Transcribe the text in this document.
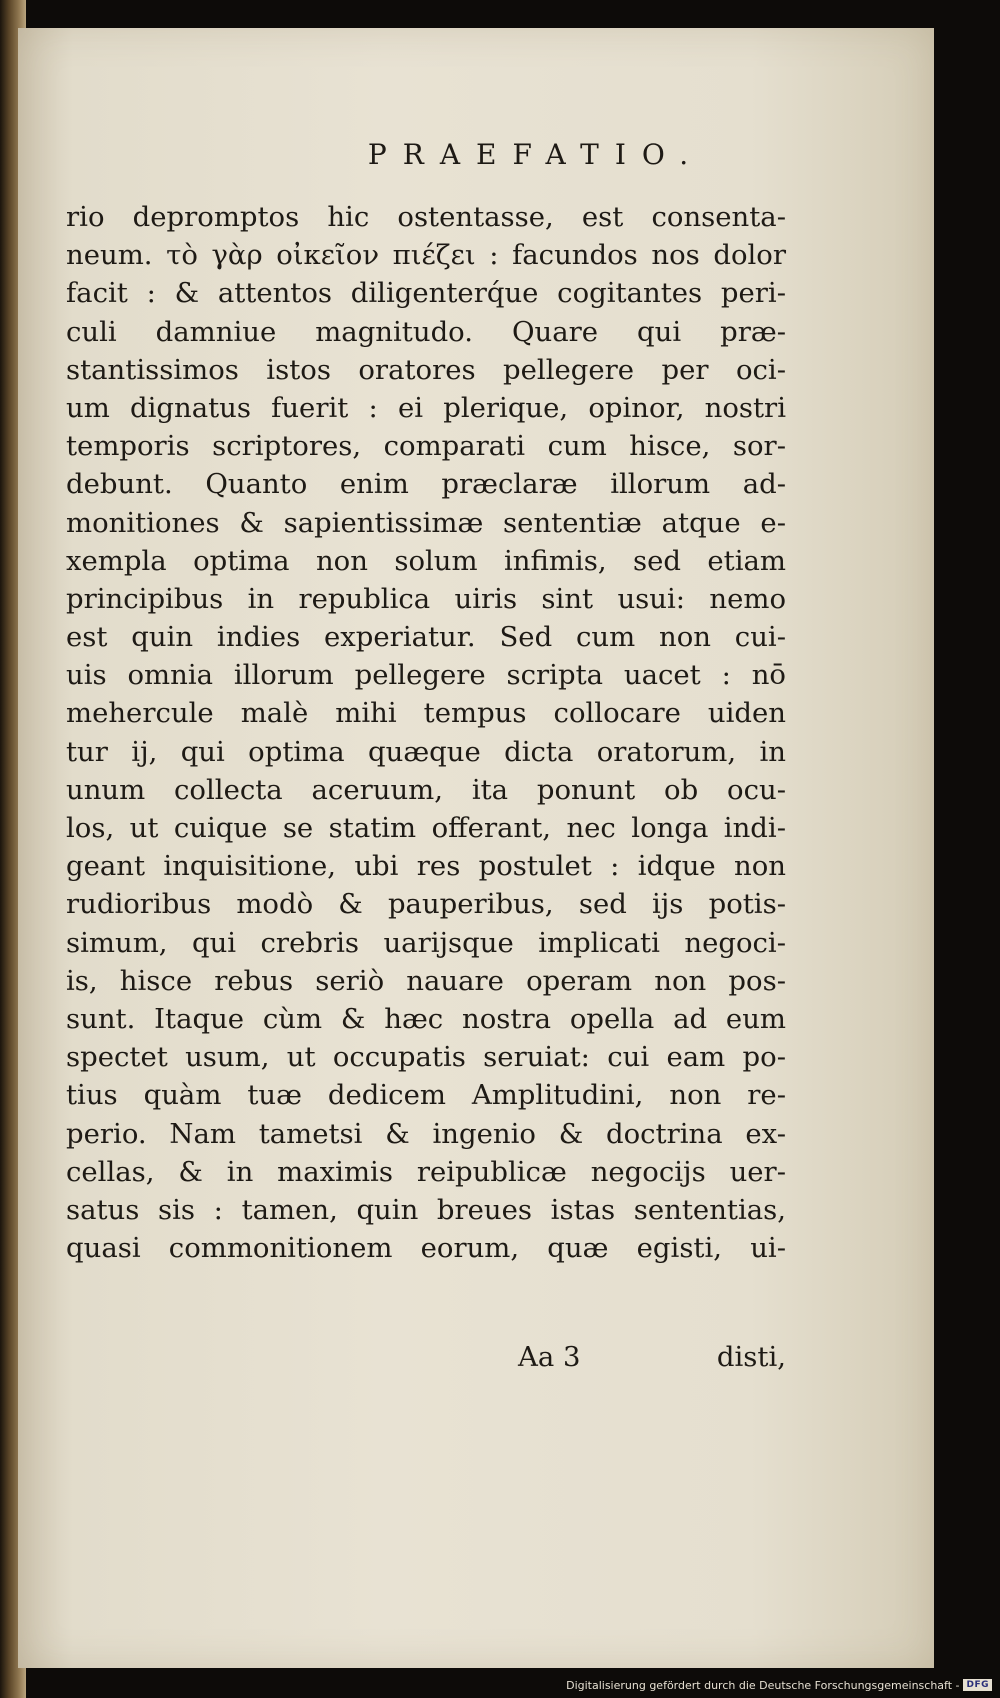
PRAEFATIO.
rio depromptos hic ostentasse, est consenta-
neum. τὸ γὰρ οἰκεῖον πιέζει : facundos nos dolor
facit : & attentos diligenterq́ue cogitantes peri-
culi damniue magnitudo. Quare qui præ-
stantissimos istos oratores pellegere per oci-
um dignatus fuerit : ei plerique, opinor, nostri
temporis scriptores, comparati cum hisce, sor-
debunt. Quanto enim præclaræ illorum ad-
monitiones & sapientissimæ sententiæ atque e-
xempla optima non solum infimis, sed etiam
principibus in republica uiris sint usui: nemo
est quin indies experiatur. Sed cum non cui-
uis omnia illorum pellegere scripta uacet : nō
mehercule malè mihi tempus collocare uiden
tur ij, qui optima quæque dicta oratorum, in
unum collecta aceruum, ita ponunt ob ocu-
los, ut cuique se statim offerant, nec longa indi-
geant inquisitione, ubi res postulet : idque non
rudioribus modò & pauperibus, sed ijs potis-
simum, qui crebris uarijsque implicati negoci-
is, hisce rebus seriò nauare operam non pos-
sunt. Itaque cùm & hæc nostra opella ad eum
spectet usum, ut occupatis seruiat: cui eam po-
tius quàm tuæ dedicem Amplitudini, non re-
perio. Nam tametsi & ingenio & doctrina ex-
cellas, & in maximis reipublicæ negocijs uer-
satus sis : tamen, quin breues istas sententias,
quasi commonitionem eorum, quæ egisti, ui-
Aa 3	disti,
Digitalisierung gefördert durch die Deutsche Forschungsgemeinschaft - DFG
